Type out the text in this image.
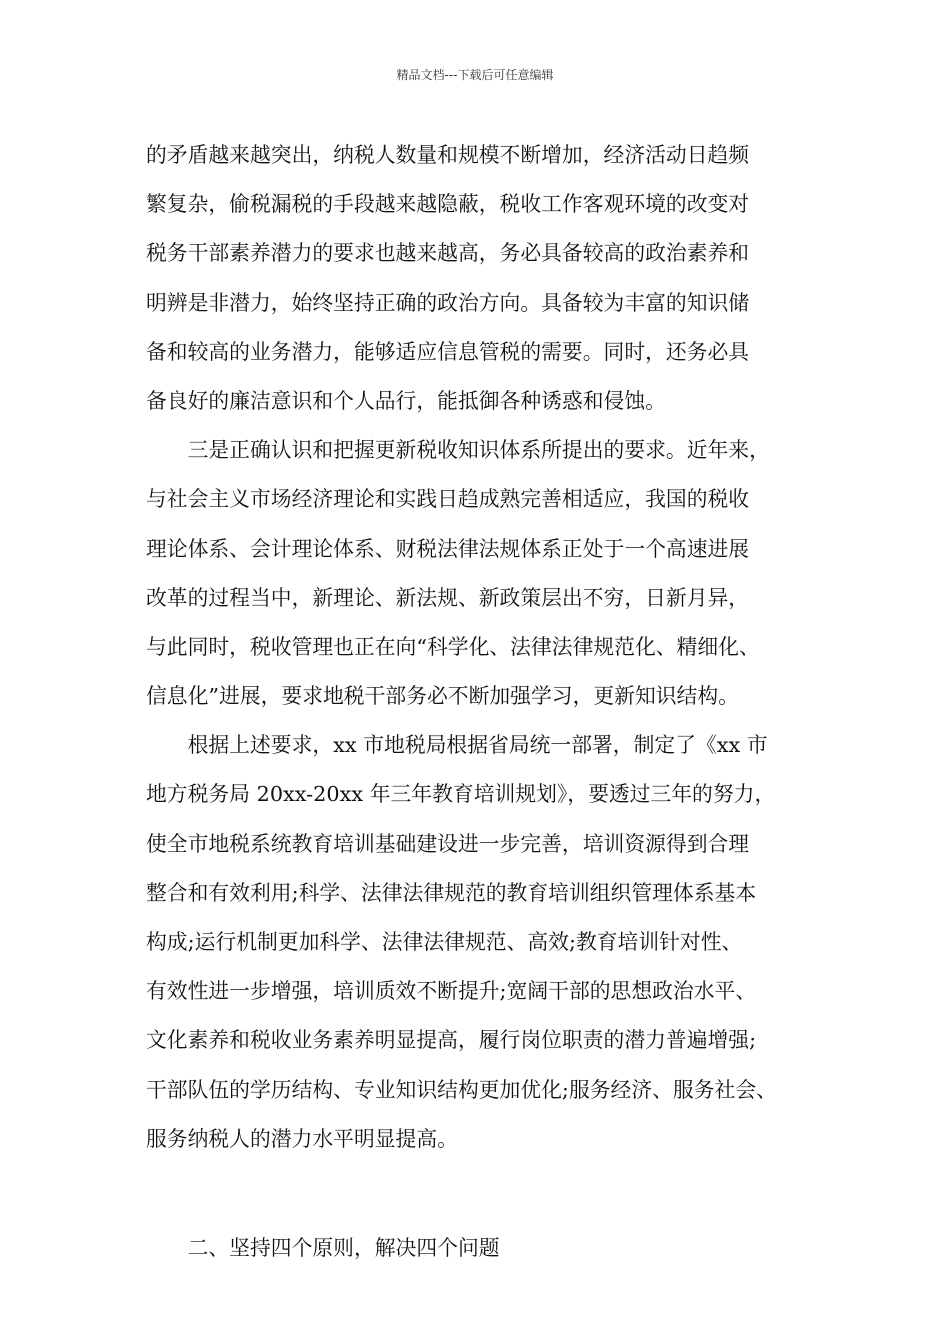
精品文档---下载后可任意编辑
的矛盾越来越突出，纳税人数量和规模不断增加，经济活动日趋频
繁复杂，偷税漏税的手段越来越隐蔽，税收工作客观环境的改变对
税务干部素养潜力的要求也越来越高，务必具备较高的政治素养和
明辨是非潜力，始终坚持正确的政治方向。具备较为丰富的知识储
备和较高的业务潜力，能够适应信息管税的需要。同时，还务必具
备良好的廉洁意识和个人品行，能抵御各种诱惑和侵蚀。
　　三是正确认识和把握更新税收知识体系所提出的要求。近年来，
与社会主义市场经济理论和实践日趋成熟完善相适应，我国的税收
理论体系、会计理论体系、财税法律法规体系正处于一个高速进展
改革的过程当中，新理论、新法规、新政策层出不穷，日新月异，
与此同时，税收管理也正在向“科学化、法律法律规范化、精细化、
信息化”进展，要求地税干部务必不断加强学习，更新知识结构。
　　根据上述要求，xx 市地税局根据省局统一部署，制定了《xx 市
地方税务局 20xx-20xx 年三年教育培训规划》，要透过三年的努力，
使全市地税系统教育培训基础建设进一步完善，培训资源得到合理
整合和有效利用;科学、法律法律规范的教育培训组织管理体系基本
构成;运行机制更加科学、法律法律规范、高效;教育培训针对性、
有效性进一步增强，培训质效不断提升;宽阔干部的思想政治水平、
文化素养和税收业务素养明显提高，履行岗位职责的潜力普遍增强;
干部队伍的学历结构、专业知识结构更加优化;服务经济、服务社会、
服务纳税人的潜力水平明显提高。
　　二、坚持四个原则，解决四个问题
